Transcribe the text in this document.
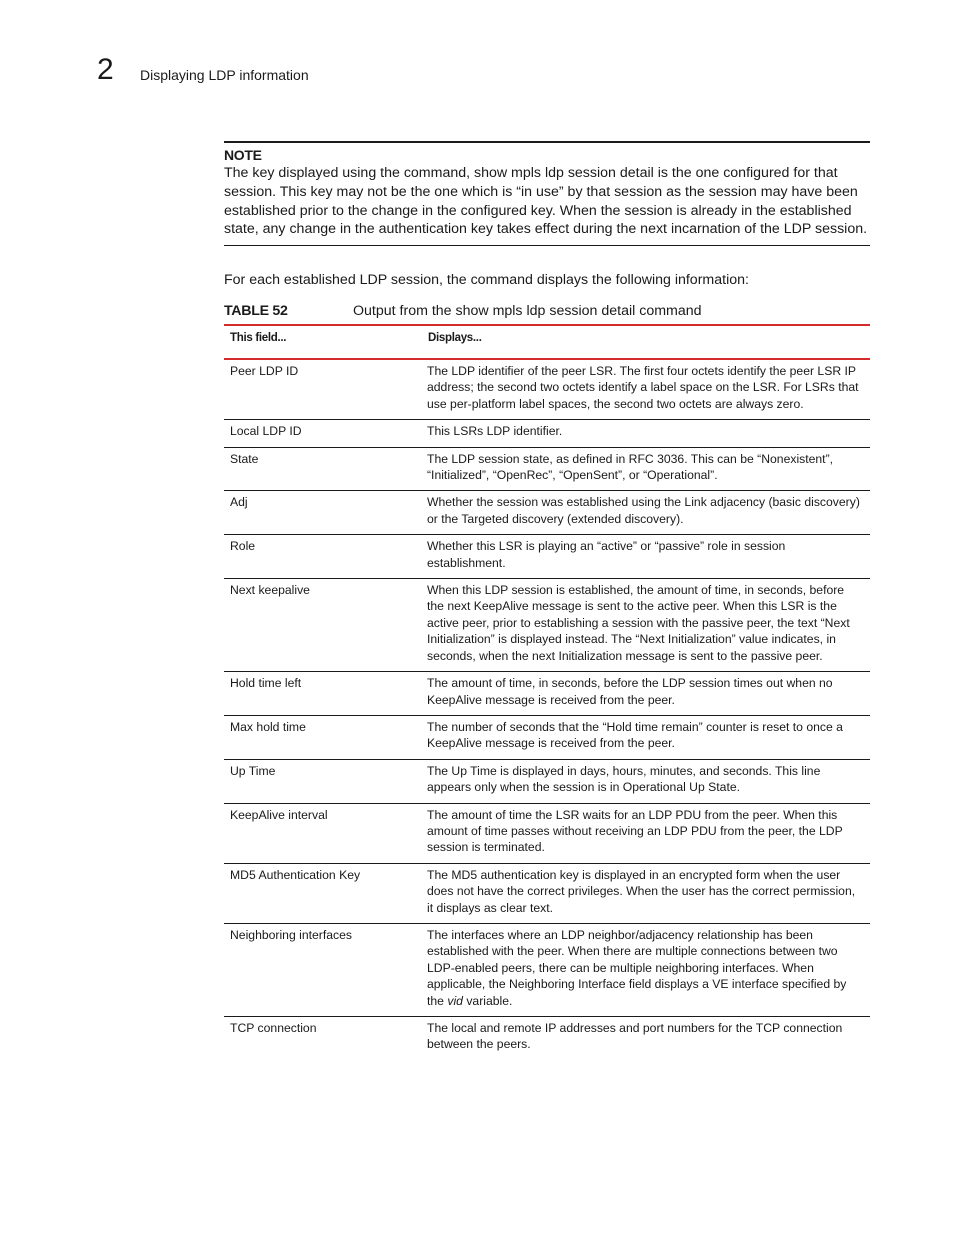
2 Displaying LDP information
NOTE

The key displayed using the command, show mpls ldp session detail is the one configured for that session. This key may not be the one which is “in use” by that session as the session may have been established prior to the change in the configured key. When the session is already in the established state, any change in the authentication key takes effect during the next incarnation of the LDP session.

For each established LDP session, the command displays the following information:

TABLE 52	Output from the show mpls ldp session detail command
This field...	Displays...
Peer LDP ID	The LDP identifier of the peer LSR. The first four octets identify the peer LSR IP address; the second two octets identify a label space on the LSR. For LSRs that use per-platform label spaces, the second two octets are always zero.
Local LDP ID	This LSRs LDP identifier.
State	The LDP session state, as defined in RFC 3036. This can be “Nonexistent”, “Initialized”, “OpenRec”, “OpenSent”, or “Operational”.
Adj	Whether the session was established using the Link adjacency (basic discovery) or the Targeted discovery (extended discovery).
Role	Whether this LSR is playing an “active” or “passive” role in session establishment.
Next keepalive	When this LDP session is established, the amount of time, in seconds, before the next KeepAlive message is sent to the active peer. When this LSR is the active peer, prior to establishing a session with the passive peer, the text “Next Initialization” is displayed instead. The “Next Initialization” value indicates, in seconds, when the next Initialization message is sent to the passive peer.
Hold time left	The amount of time, in seconds, before the LDP session times out when no KeepAlive message is received from the peer.
Max hold time	The number of seconds that the “Hold time remain” counter is reset to once a KeepAlive message is received from the peer.
Up Time	The Up Time is displayed in days, hours, minutes, and seconds. This line appears only when the session is in Operational Up State.
KeepAlive interval	The amount of time the LSR waits for an LDP PDU from the peer. When this amount of time passes without receiving an LDP PDU from the peer, the LDP session is terminated.
MD5 Authentication Key	The MD5 authentication key is displayed in an encrypted form when the user does not have the correct privileges. When the user has the correct permission, it displays as clear text.
Neighboring interfaces	The interfaces where an LDP neighbor/adjacency relationship has been established with the peer. When there are multiple connections between two LDP-enabled peers, there can be multiple neighboring interfaces. When applicable, the Neighboring Interface field displays a VE interface specified by the vid variable.
TCP connection	The local and remote IP addresses and port numbers for the TCP connection between the peers.
